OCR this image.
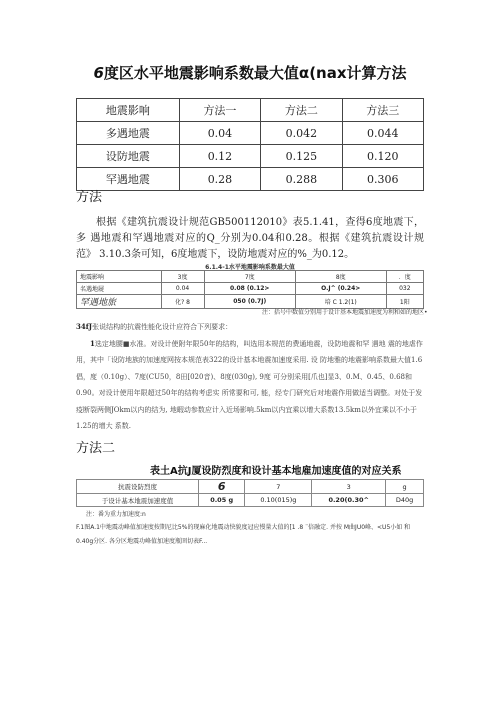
6度区水平地震影响系数最大值α(nax计算方法
地震影响	方法一	方法二	方法三
多遇地震	0.04	0.042	0.044
设防地震	0.12	0.125	0.120
罕遇地震	0.28	0.288	0.306
方法
根据《建筑抗震设计规范GB500112010》表5.1.41，查得6度地震下，多 遇地震和罕遇地震对应的Q_分别为0.04和0.28。根据《建筑抗震设计规范》 3.10.3条可知，6度地震下，设防地震对应的%_为0.12。
6.1.4-1水平地震影响系数最大值
地震影响	3度	7度	8度	．度
名遇地屣	0.04	0.08 (0.12>	O.J^ (0.24>	032
罕遇地旅	化? 8	050 (0.7J)	培 C 1.2(1)	1阳
注：括号中数值分别用于设计基本地震加速度为利和如的地区•
34fJ张说结构的抗震性能化设计应符合下列要求：
1选定地腰■水准。对设计使附年限50年的结构，叫选用本规范的费通地震，设防地震和罕 遇地 震的地虐作用，其中「设防地族的加速度网按本规范表322的设计基本地震加速度采用. 设 防地雅的地震影响系数最大值1.6倡，度（0.10g）、7度(CU50，8田[020音)、8度(030g), 9度 可分别采用[爪也]显3、0.M、0.45、0.68和0.90。对设计使用年限超过50年的结构考虑实 所常要和可, 能，经专门研究后对地震作用做适当调整。对处于发疫断裂两侧JOkm以内的结为, 地暇动参数应计入近场影响.5km以内宜乘以增大系数13.5km以外宜乘以不小于1.25的增大 系数.
方法二
表土A抗J厦设防烈度和设计基本地雇加速度值的对应关系
抗震设防烈度	6	7	3	g
于设计基本地震加速度值	0.05 g	0.10(015)g	0.20(0.30^	D40g
注：番为重力加速度:n
F.1图A.1中地震动峰值加速度按期尼比5%的现麻化地震动快貌度冠应慢量大值的[1 .8 ¨倍融定. 并按 M曲JU0峰、<U5小如 和0.40g分区. 各分区地震功峰值加速度瓶圉切表F...
